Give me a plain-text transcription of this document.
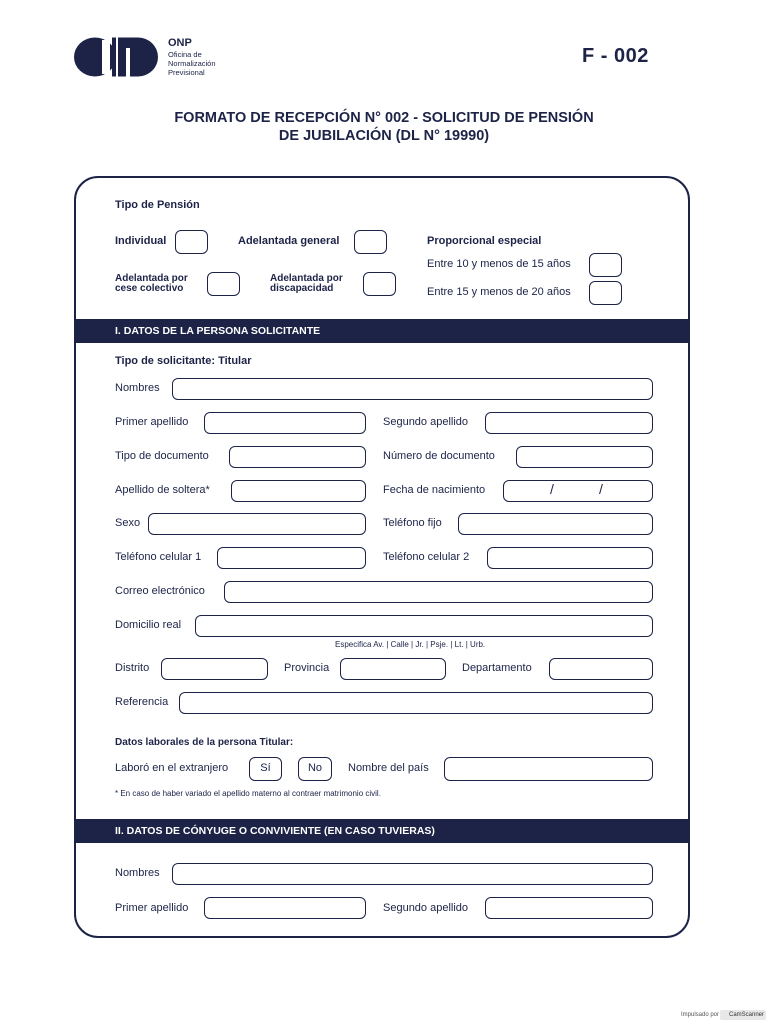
ONP
Oficina de
Normalización
Previsional
F - 002
FORMATO DE RECEPCIÓN N° 002 - SOLICITUD DE PENSIÓN
DE JUBILACIÓN (DL N° 19990)
Tipo de Pensión
Individual	Adelantada general
Adelantada por
cese colectivo
Adelantada por
discapacidad
Proporcional especial
Entre 10 y menos de 15 años
Entre 15 y menos de 20 años
I. DATOS DE LA PERSONA SOLICITANTE
Tipo de solicitante: Titular
Nombres
Primer apellido	Segundo apellido
Tipo de documento	Número de documento
Apellido de soltera*	Fecha de nacimiento	/	/
Sexo	Teléfono fijo
Teléfono celular 1	Teléfono celular 2
Correo electrónico
Domicilio real
Especifica Av. | Calle | Jr. | Psje. | Lt. | Urb.
Distrito	Provincia	Departamento
Referencia
Datos laborales de la persona Titular:
Laboró en el extranjero	Sí	No	Nombre del país
* En caso de haber variado el apellido materno al contraer matrimonio civil.
II. DATOS DE CÓNYUGE O CONVIVIENTE (EN CASO TUVIERAS)
Nombres
Primer apellido	Segundo apellido
Impulsado por	CamScanner
